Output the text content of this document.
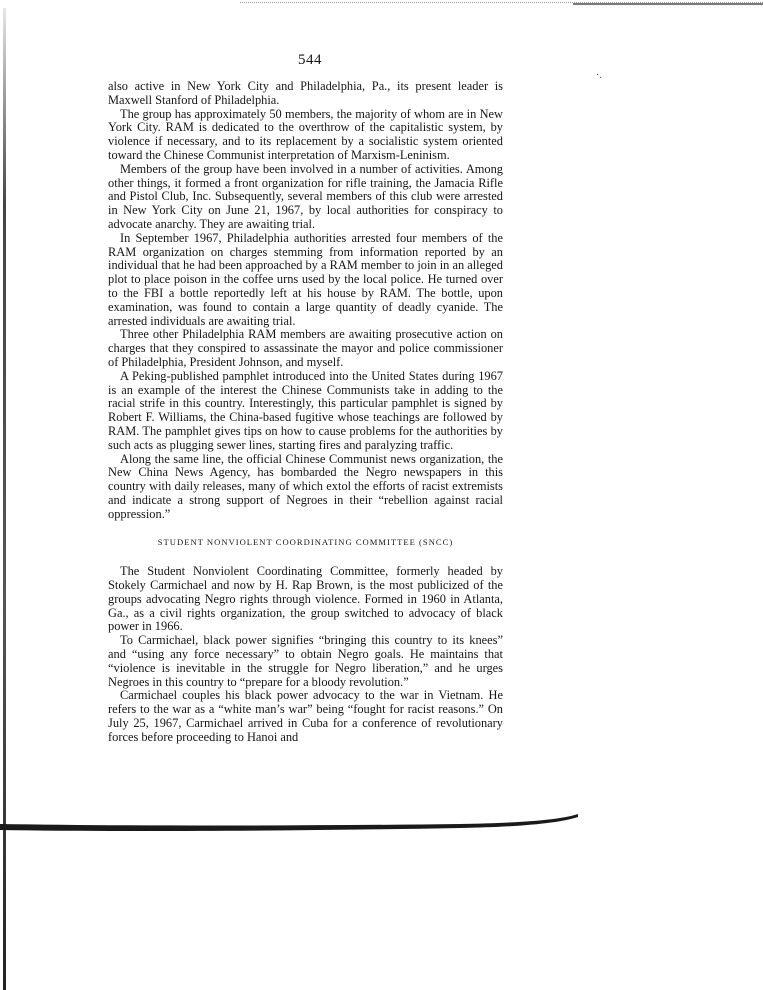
·.
544

also active in New York City and Philadelphia, Pa., its present leader is Maxwell Stanford of Philadelphia.

The group has approximately 50 members, the majority of whom are in New York City. RAM is dedicated to the overthrow of the capitalistic system, by violence if necessary, and to its replacement by a socialistic system oriented toward the Chinese Communist interpretation of Marxism-Leninism.

Members of the group have been involved in a number of activities. Among other things, it formed a front organization for rifle training, the Jamacia Rifle and Pistol Club, Inc. Subsequently, several members of this club were arrested in New York City on June 21, 1967, by local authorities for conspiracy to advocate anarchy. They are awaiting trial.

In September 1967, Philadelphia authorities arrested four members of the RAM organization on charges stemming from information reported by an individual that he had been approached by a RAM member to join in an alleged plot to place poison in the coffee urns used by the local police. He turned over to the FBI a bottle reportedly left at his house by RAM. The bottle, upon examination, was found to contain a large quantity of deadly cyanide. The arrested individuals are awaiting trial.

Three other Philadelphia RAM members are awaiting prosecutive action on charges that they conspired to assassinate the mayor and police commissioner of Philadelphia, President Johnson, and myself.

A Peking-published pamphlet introduced into the United States during 1967 is an example of the interest the Chinese Communists take in adding to the racial strife in this country. Interestingly, this particular pamphlet is signed by Robert F. Williams, the China-based fugitive whose teachings are followed by RAM. The pamphlet gives tips on how to cause problems for the authorities by such acts as plugging sewer lines, starting fires and paralyzing traffic.

Along the same line, the official Chinese Communist news organization, the New China News Agency, has bombarded the Negro newspapers in this country with daily releases, many of which extol the efforts of racist extremists and indicate a strong support of Negroes in their “rebellion against racial oppression.”

STUDENT NONVIOLENT COORDINATING COMMITTEE (SNCC)

The Student Nonviolent Coordinating Committee, formerly headed by Stokely Carmichael and now by H. Rap Brown, is the most publicized of the groups advocating Negro rights through violence. Formed in 1960 in Atlanta, Ga., as a civil rights organization, the group switched to advocacy of black power in 1966.

To Carmichael, black power signifies “bringing this country to its knees” and “using any force necessary” to obtain Negro goals. He maintains that “violence is inevitable in the struggle for Negro liberation,” and he urges Negroes in this country to “prepare for a bloody revolution.”

Carmichael couples his black power advocacy to the war in Vietnam. He refers to the war as a “white man’s war” being “fought for racist reasons.” On July 25, 1967, Carmichael arrived in Cuba for a conference of revolutionary forces before proceeding to Hanoi and
